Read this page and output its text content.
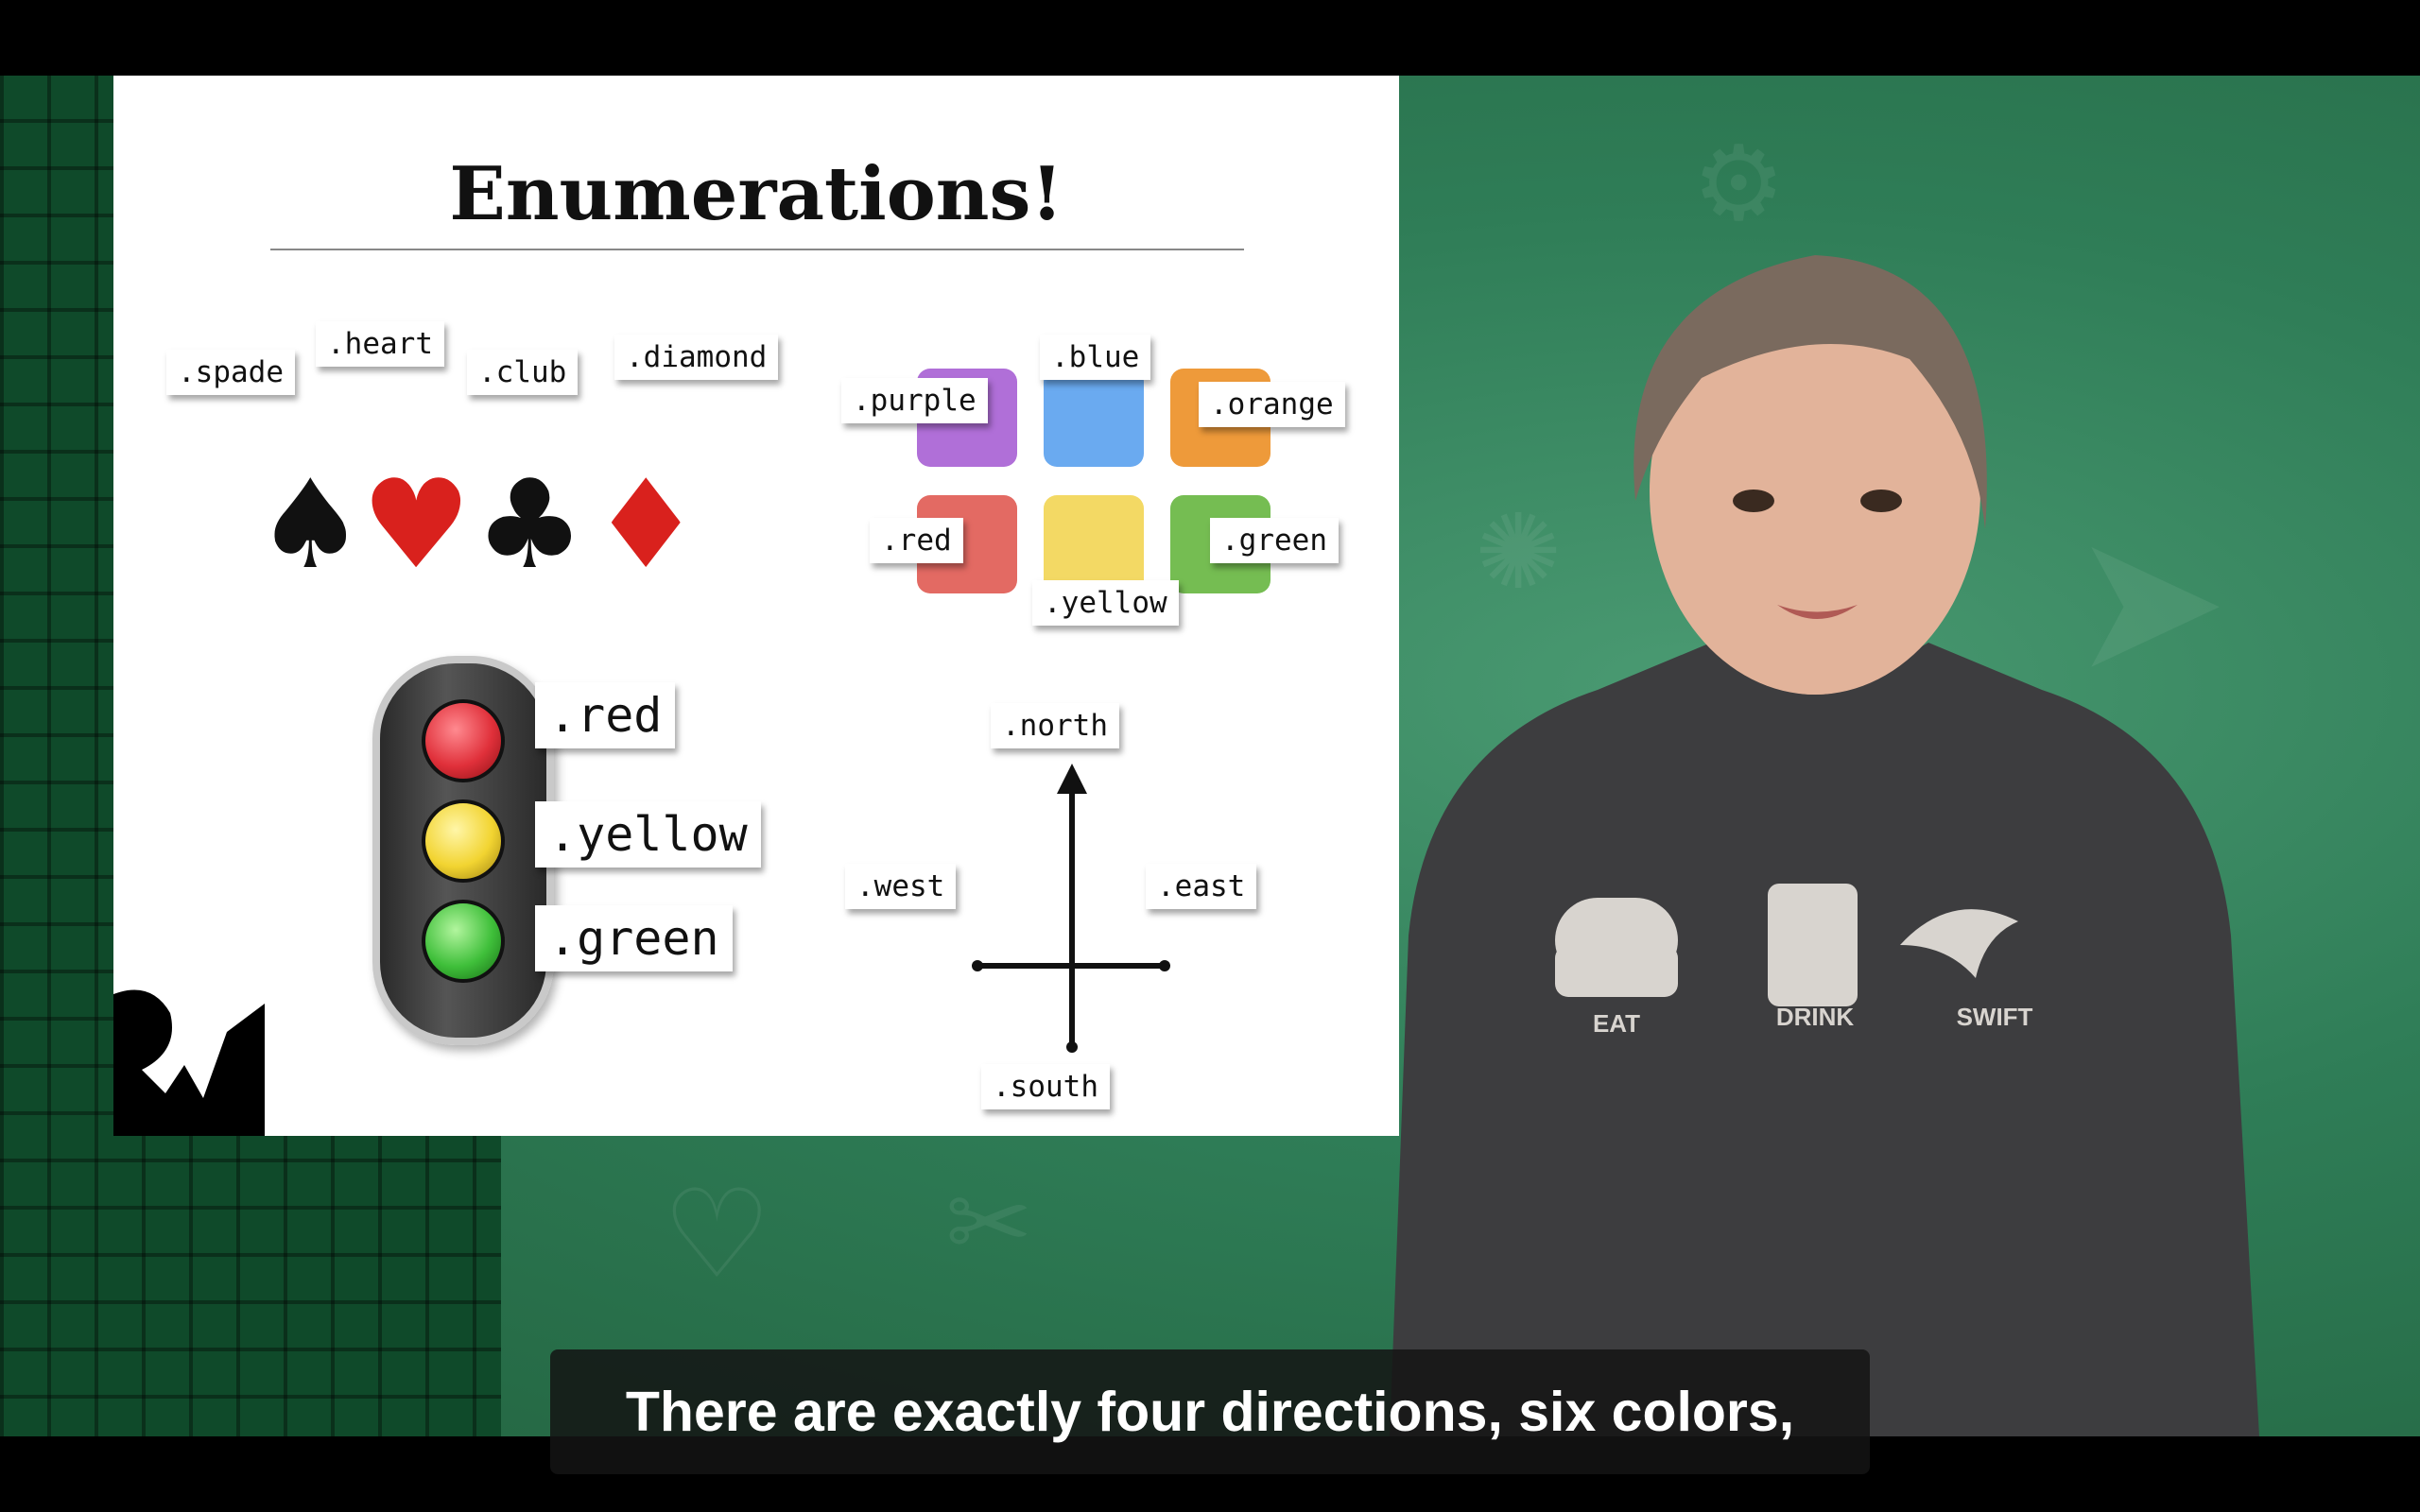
➤
⚙
✺
♡ ✂
Enumerations!
♠
♥ ♣ ♦
.spade
.heart
.club	.diamond
.purple
.blue
.orange
.red
.yellow
.green
.red
.yellow
.green
.north
.west	.east
.south
EAT	DRINK	SWIFT
There are exactly four directions, six colors,
